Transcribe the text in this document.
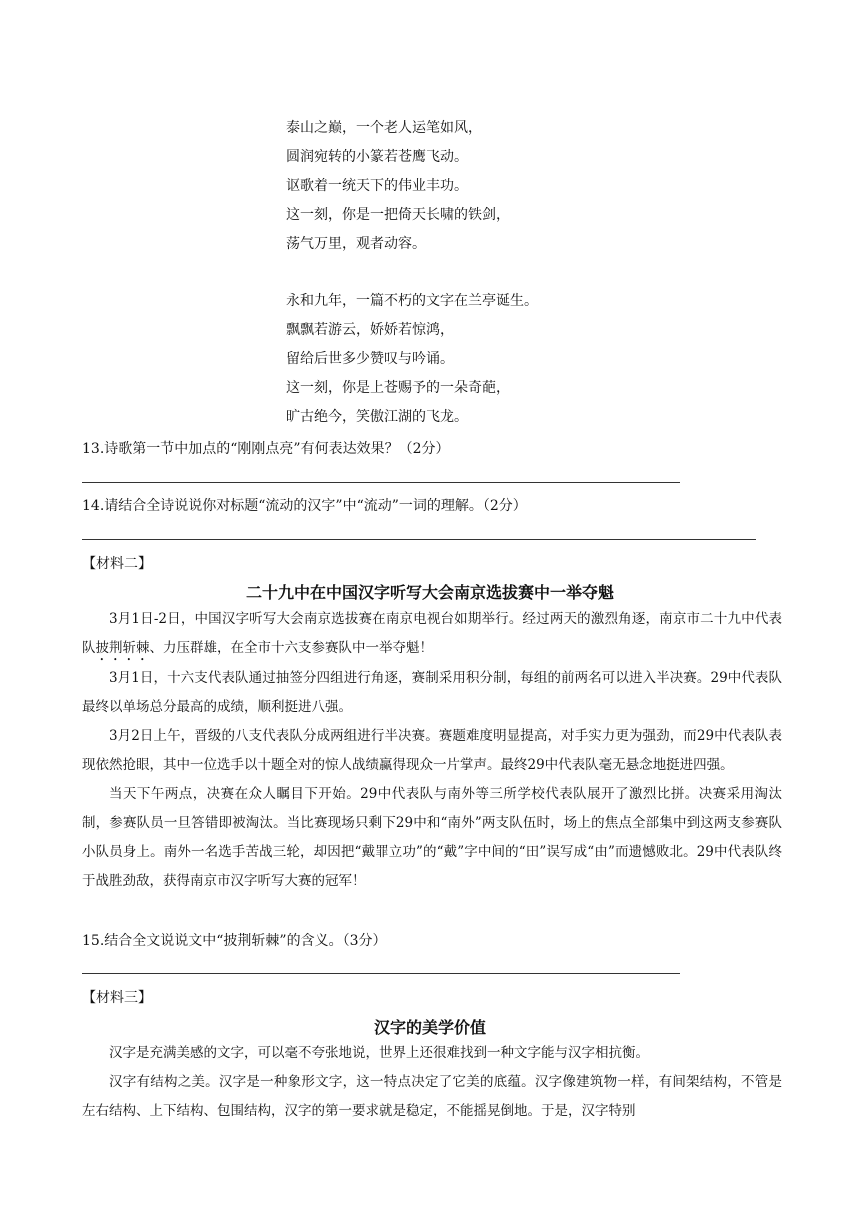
泰山之巅，一个老人运笔如风，
圆润宛转的小篆若苍鹰飞动。
讴歌着一统天下的伟业丰功。
这一刻，你是一把倚天长啸的铁剑，
荡气万里，观者动容。
永和九年，一篇不朽的文字在兰亭诞生。
飘飘若游云，娇娇若惊鸿，
留给后世多少赞叹与吟诵。
这一刻，你是上苍赐予的一朵奇葩，
旷古绝今，笑傲江湖的飞龙。
13.诗歌第一节中加点的“刚刚点亮”有何表达效果？（2分）
14.请结合全诗说说你对标题“流动的汉字”中“流动”一词的理解。（2分）
【材料二】
二十九中在中国汉字听写大会南京选拔赛中一举夺魁

3月1日-2日，中国汉字听写大会南京选拔赛在南京电视台如期举行。经过两天的激烈角逐，南京市二十九中代表队披荆斩棘、力压群雄，在全市十六支参赛队中一举夺魁！

3月1日，十六支代表队通过抽签分四组进行角逐，赛制采用积分制，每组的前两名可以进入半决赛。29中代表队最终以单场总分最高的成绩，顺利挺进八强。

3月2日上午，晋级的八支代表队分成两组进行半决赛。赛题难度明显提高，对手实力更为强劲，而29中代表队表现依然抢眼，其中一位选手以十题全对的惊人战绩赢得现众一片掌声。最终29中代表队毫无悬念地挺进四强。

当天下午两点，决赛在众人瞩目下开始。29中代表队与南外等三所学校代表队展开了激烈比拼。决赛采用淘汰制，参赛队员一旦答错即被淘汰。当比赛现场只剩下29中和“南外”两支队伍时，场上的焦点全部集中到这两支参赛队小队员身上。南外一名选手苦战三轮，却因把“戴罪立功”的“戴”字中间的“田”误写成“由”而遗憾败北。29中代表队终于战胜劲敌，获得南京市汉字听写大赛的冠军！

15.结合全文说说文中“披荆斩棘”的含义。（3分）
【材料三】
汉字的美学价值

汉字是充满美感的文字，可以毫不夸张地说，世界上还很难找到一种文字能与汉字相抗衡。

汉字有结构之美。汉字是一种象形文字，这一特点决定了它美的底蕴。汉字像建筑物一样，有间架结构，不管是左右结构、上下结构、包围结构，汉字的第一要求就是稳定，不能摇晃倒地。于是，汉字特别
